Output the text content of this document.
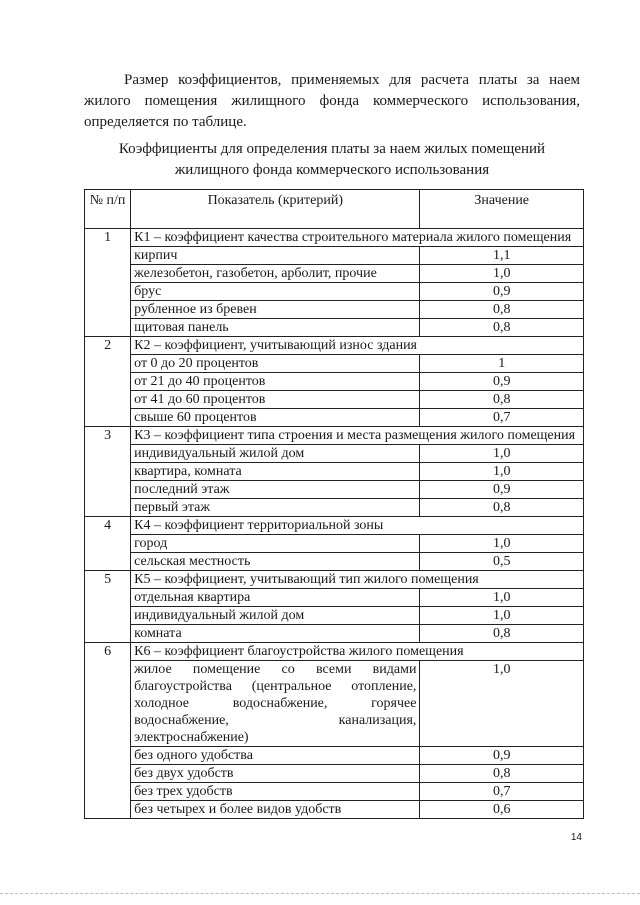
Размер коэффициентов, применяемых для расчета платы за наем жилого помещения жилищного фонда коммерческого использования, определяется по таблице.
Коэффициенты для определения платы за наем жилых помещений жилищного фонда коммерческого использования
№ п/п	Показатель (критерий)	Значение
1	К1 – коэффициент качества строительного материала жилого помещения	
	кирпич	1,1
	железобетон, газобетон, арболит, прочие	1,0
	брус	0,9
	рубленное из бревен	0,8
	щитовая панель	0,8
2	К2 – коэффициент, учитывающий износ здания	
	от 0 до 20 процентов	1
	от 21 до 40 процентов	0,9
	от 41 до 60 процентов	0,8
	свыше 60 процентов	0,7
3	К3 – коэффициент типа строения и места размещения жилого помещения	
	индивидуальный жилой дом	1,0
	квартира, комната	1,0
	последний этаж	0,9
	первый этаж	0,8
4	К4 – коэффициент территориальной зоны	
	город	1,0
	сельская местность	0,5
5	К5 – коэффициент, учитывающий тип жилого помещения	
	отдельная квартира	1,0
	индивидуальный жилой дом	1,0
	комната	0,8
6	К6 – коэффициент благоустройства жилого помещения	
	жилое помещение со всеми видами благоустройства (центральное отопление, холодное водоснабжение, горячее водоснабжение, канализация, электроснабжение)	1,0
	без одного удобства	0,9
	без двух удобств	0,8
	без трех удобств	0,7
	без четырех и более видов удобств	0,6
14
